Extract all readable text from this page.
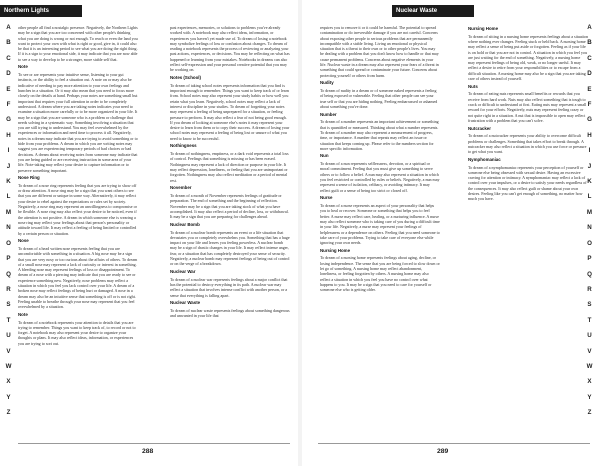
Northern Lights
A
B
C
D
E
F
G
H
I
J
K
L
M
N
O
P
Q
R
S
T
U
V
W
X
Y
Z

other people all find a nostalgic presence. Negatively, the Northern Lights may be a sign that you are too concerned with other people's thinking what you are doing is wrong or not enough. To reach or even the land you want to protect your own with what is right or good, give in, it could also be that it is an interesting period to see what you are doing the right thing. If it is a sign to your emotional side, it may indicate that you are now able to see a way to develop to be a stronger, more stable self that.

Note

To see or are represents your intuitive sense, listening to your gut instincts, or the ability to feel a situation out. A note on or may also be indicative of needing to pay more attention to your own feelings and hunches in a situation. Or it may also mean that you need to focus more closely on the details at hand. Perhaps your notes are something small but important that requires your full attention in order to be completely understood. A dream where you are taking notes indicates your need to examine a situation more carefully or to be more organized in your life. It may be a sign that you are someone who is a problem or challenge that needs solving in a systematic way. Something involving a situation that you are still trying to understand. You may feel overwhelmed by the experiences or information and need time to process it all. Negatively, notes in a dream may indicate that you are trying to avoid something or to hide from your problems. A dream in which you are writing notes may suggest you are experiencing temporary periods of bad choices or bad decisions. A dream about receiving notes from someone may indicate that you are being guided or are receiving instruction in some area of your life. Note-taking may reflect your desire to capture information or to preserve something important.

Nose Ring

To dream of a nose ring represents feeling that you are trying to show off or draw attention. A nose ring may be a sign that you want others to see that you are different or unique in some way. Alternatively, it may reflect your desire to rebel against the expectations or rules set by society. Negatively, a nose ring may represent an unwillingness to compromise or be flexible. A nose ring may also reflect your desire to be noticed, even if the attention is not positive. A dream in which someone else is wearing a nose ring may reflect your feelings about that person's personality or attitude toward life. It may reflect a feeling of being limited or controlled by a certain person or situation.

Nose

To dream of a head written nose represents feeling that you are uncomfortable with something in a situation. A big nose may be a sign that you are very nosy or too curious about the affairs of others. To dream of a small nose may represent a lack of curiosity or interest in something. A bleeding nose may represent feelings of loss or disappointment. To dream of a nose with a piercing may indicate that you are ready to see or experience something new. Negatively, nose problems may reflect a situation in which you feel you lack control over your life. A dream of a broken nose may reflect feelings of being hurt or damaged. A nose in a dream may also be an intuitive sense that something is off or is not right. Feeling unable to breathe through your nose may represent that you feel overwhelmed by a situation.

Note

To dream of a notebook represents your attention to details that you are trying to remember. Things you want to keep track of, to record or not to forget. A notebook may also represent your desire to organize your thoughts or plans. It may also reflect ideas, information, or experiences you are trying to sort out.

past experiences, memories, or solutions to problems you've already worked with. A notebook may also reflect ideas, information, or experiences you haven't yet made use of. To dream of losing a notebook may symbolize feelings of loss or confusion about changes. To dream of reading a notebook represents the process of reviewing or analyzing your past actions, experiences, or decisions. You may be reflecting on what has happened or learning from your mistakes. Notebooks in dreams can also reflect self-expression and your personal creative potential that you may be working on.

Notes (School)

To dream of taking school notes represents information that you find is important enough to remember. Things you want to keep track of or learn from. School notes may also represent your study habits or how well you retain what you learn. Negatively, school notes may reflect a lack of interest or discipline in your studies. To dream of forgetting your notes may represent a feeling of being unprepared for a situation, or feeling pressure to perform. It may also reflect a fear of not being good enough. If you dream of looking at someone else's notes it may represent your desire to learn from them or to copy their success. A dream of losing your school notes may represent a feeling of being lost or unsure of what you need to know to be successful.

Nothingness

To dream of nothingness, emptiness, or a dark void represents a total loss of control. Feelings that something is missing or has been erased. Nothingness may represent a lack of direction or purpose in your life. It may reflect depression, loneliness, or feeling that you are unimportant or forgotten. Nothingness may also reflect meditation or a period of mental rest.

November

To dream of a month of November represents feelings of gratitude or preparation. The end of something and the beginning of reflection. November may be a sign that you are taking stock of what you have accomplished. It may also reflect a period of decline, loss, or withdrawal. It may be a sign that you are preparing for challenges ahead.

Nuclear Bomb

To dream of a nuclear bomb represents an event or a life situation that devastates you or completely overwhelms you. Something that has a huge impact on your life and leaves you feeling powerless. A nuclear bomb may be a sign of drastic changes in your life. It may reflect intense anger, fear, or a situation that has completely destroyed your sense of security. Negatively, a nuclear bomb may represent feelings of being out of control or on the verge of a breakdown.

Nuclear War

To dream of a nuclear war represents feelings about a major conflict that has the potential to destroy everything in its path. A nuclear war may reflect a situation that involves intense conflict with another person, or a sense that everything is falling apart.

Nuclear Waste

To dream of nuclear waste represents feelings about something dangerous and unwanted in your life that

288
Nuclear Waste
A
B
C
D
E
F
G
H
I
J
K
L
M
N
O
P
Q
R
S
T
U
V
W
X
Y
Z

requires you to remove it or it could be harmful. The potential to spread contamination or do irreversible damage if you are not careful. Concerns about exposing other people to serious problems that are permanently incompatible with a stable living. Living an emotional or physical situation that is a threat to their own or to other people's lives. You may be dealing with a problem that you don't know how to handle or that may cause permanent problems. Concerns about negative elements in your life. Nuclear waste in a dream may also represent your fears of a threat in something that could spread or contaminate your future. Concerns about protecting yourself or others from harm.

Nudity

To dream of nudity in a dream or of someone naked represents a feeling of being exposed or vulnerable. Feeling that other people can see your true self or that you are hiding nothing. Feeling embarrassed or ashamed about something you've done.

Number

To dream of a number represents an important achievement or something that is quantified or measured. Thinking about what a number represents. To dream of a number may also represent a measurement of progress, time, or importance. A number that repeats may reflect an issue or situation that keeps coming up. Please refer to the numbers section for more specific information.

Nun

To dream of a nun represents selflessness, devotion, or a spiritual or moral commitment. Feeling that you must give up something to serve others or to follow a belief. A nun may also represent a situation in which you feel restricted or controlled by rules or beliefs. Negatively, a nun may represent a sense of isolation, celibacy, or avoiding intimacy. It may reflect guilt or a sense of being too strict or closed off.

Nurse

To dream of a nurse represents an aspect of your personality that helps you to heal or recover. Someone or something that helps you to feel better. A nurse may reflect care, healing, or a nurturing influence. A nurse may also reflect someone who is taking care of you during a difficult time in your life. Negatively, a nurse may represent your feelings of helplessness or a dependence on others. Feeling that you need someone to take care of your problems. Trying to take care of everyone else while ignoring your own needs.

Nursing Home

To dream of a nursing home represents feelings about aging, decline, or losing independence. The sense that you are being forced to slow down or let go of something. A nursing home may reflect abandonment, loneliness, or feeling forgotten by others. A nursing home may also reflect a situation in which you feel you have no control over what happens to you. It may be a sign that you need to care for yourself or someone else who is getting older.

Nursing Home

To dream of sitting in a nursing home represents feelings about a situation where nothing ever changes. Feeling stuck or held back. A nursing home may reflect a sense of being put aside or forgotten. Feeling as if your life is on hold or that you are not in control. A situation in which you feel you are just waiting for the end of something. Negatively, a nursing home may represent feelings of being old, weak, or no longer useful. It may reflect a desire to retire from your responsibilities or to escape from a difficult situation. A nursing home may also be a sign that you are taking care of others instead of yourself.

Nuts

To dream of eating nuts represents small benefits or rewards that you receive from hard work. Nuts may also reflect something that is tough to crack or difficult to understand at first. Eating nuts may represent a small reward for your efforts. Negatively, nuts may represent feeling crazy or not quite right in a situation. A nut that is impossible to open may reflect frustration with a problem that you can't solve.

Nutcracker

To dream of a nutcracker represents your ability to overcome difficult problems or challenges. Something that takes effort to break through. A nutcracker may also reflect a situation in which you use force or pressure to get what you want.

Nymphomaniac

To dream of a nymphomaniac represents your perception of yourself or someone else being obsessed with sexual desire. Having an excessive craving for attention or intimacy. A nymphomaniac may reflect a lack of control over your impulses, or a desire to satisfy your needs regardless of the consequences. It may also reflect guilt or shame about your own desires. Feeling like you can't get enough of something, no matter how much you have.

289
